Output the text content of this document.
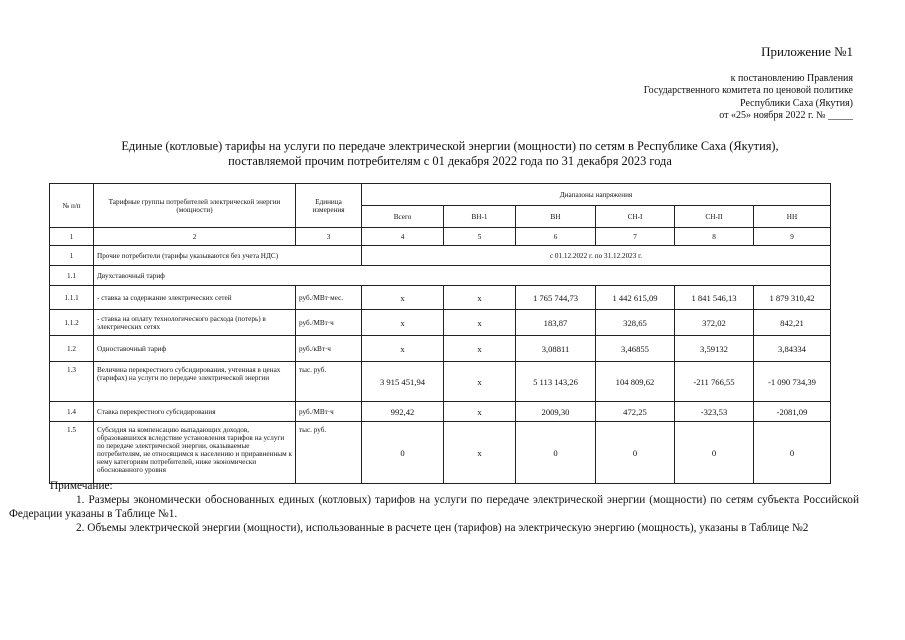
Приложение №1
к постановлению Правления
Государственного комитета по ценовой политике
Республики Саха (Якутия)
от «25» ноября 2022 г. № _____
Единые (котловые) тарифы на услуги по передаче электрической энергии (мощности) по сетям в Республике Саха (Якутия),
поставляемой прочим потребителям с 01 декабря 2022 года по 31 декабря 2023 года
№ п/п	Тарифные группы потребителей электрической энергии (мощности)	Единица измерения	Диапазоны напряжения					
			Всего	ВН-1	ВН	СН-I	СН-II	НН
1	2	3	4	5	6	7	8	9
1	Прочие потребители (тарифы указываются без учета НДС)		с 01.12.2022 г. по 31.12.2023 г.					
1.1	Двухставочный тариф							
1.1.1	- ставка за содержание электрических сетей	руб./МВт·мес.	х	х	1 765 744,73	1 442 615,09	1 841 546,13	1 879 310,42
1.1.2	- ставка на оплату технологического расхода (потерь) в электрических сетях	руб./МВт·ч	х	х	183,87	328,65	372,02	842,21
1.2	Одноставочный тариф	руб./кВт·ч	х	х	3,08811	3,46855	3,59132	3,84334
1.3	Величина перекрестного субсидирования, учтенная в ценах (тарифах) на услуги по передаче электрической энергии	тыс. руб.	3 915 451,94	х	5 113 143,26	104 809,62	-211 766,55	-1 090 734,39
1.4	Ставка перекрестного субсидирования	руб./МВт·ч	992,42	х	2009,30	472,25	-323,53	-2081,09
1.5	Субсидия на компенсацию выпадающих доходов, образовавшихся вследствие установления тарифов на услуги по передаче электрической энергии, оказываемые потребителям, не относящимся к населению и приравненным к нему категориям потребителей, ниже экономически обоснованного уровня	тыс. руб.	0	х	0	0	0	0
Примечание:
1. Размеры экономически обоснованных единых (котловых) тарифов на услуги по передаче электрической энергии (мощности) по сетям субъекта Российской Федерации указаны в Таблице №1.
2. Объемы электрической энергии (мощности), использованные в расчете цен (тарифов) на электрическую энергию (мощность), указаны в Таблице №2
